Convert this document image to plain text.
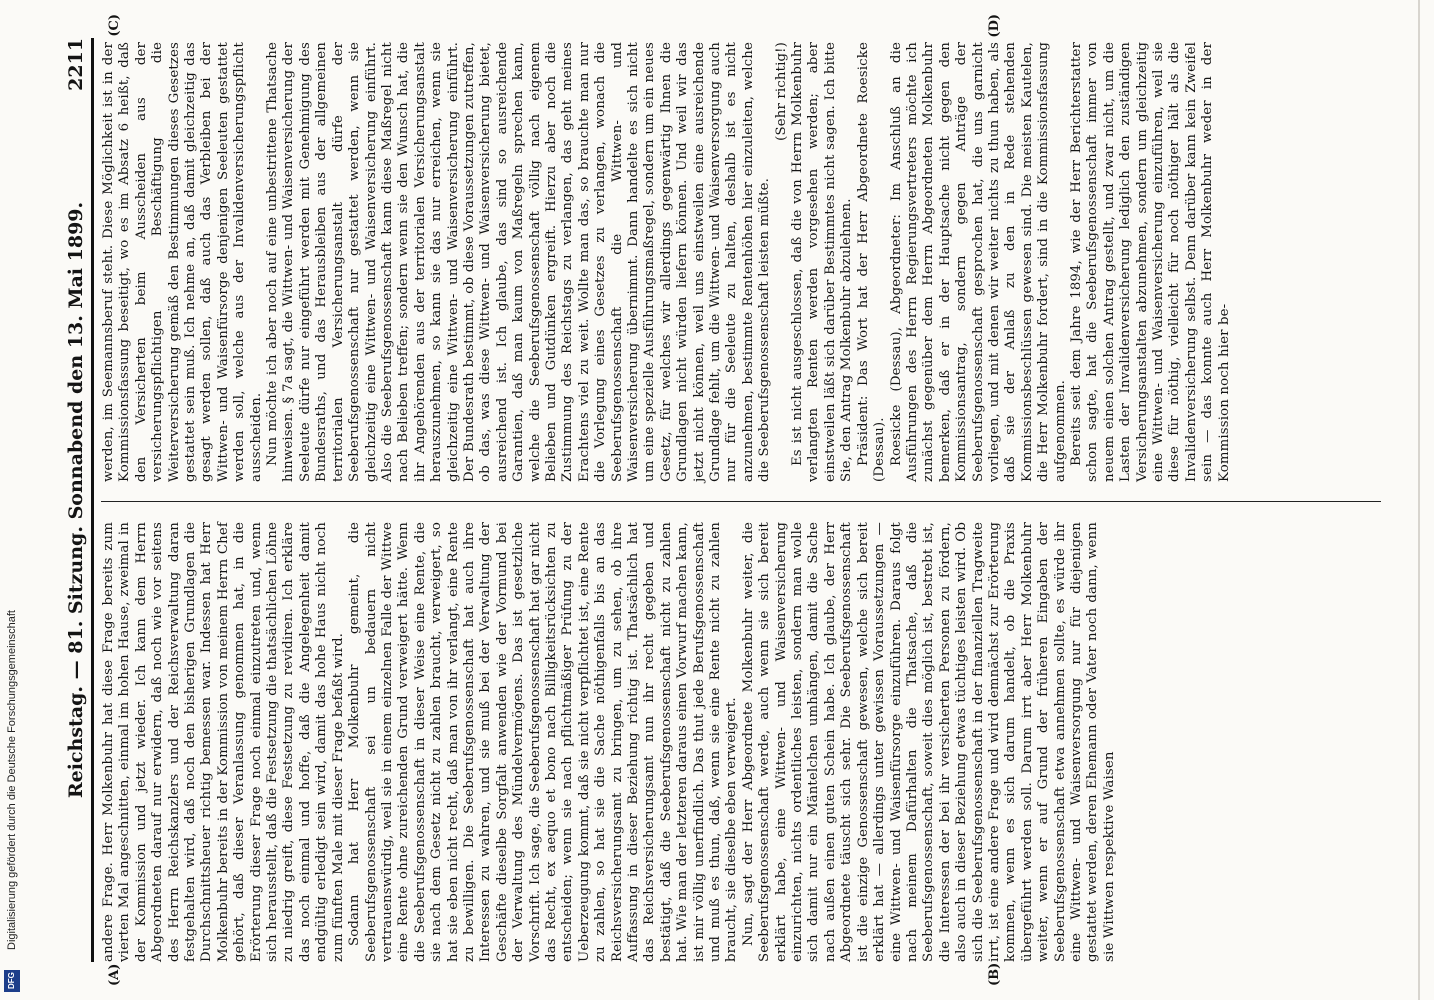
Reichstag. — 81. Sitzung. Sonnabend den 13. Mai 1899.
2211
(A)	(B)
(C)	(D)

andere Frage. Herr Molkenbuhr hat diese Frage bereits zum vierten Mal angeschnitten, einmal im hohen Hause, zweimal in der Kommission und jetzt wieder. Ich kann dem Herrn Abgeordneten darauf nur erwidern, daß noch wie vor seitens des Herrn Reichskanzlers und der Reichsverwaltung daran festgehalten wird, daß noch den bisherigen Grundlagen die Durchschnittsheuer richtig bemessen war. Indessen hat Herr Molkenbuhr bereits in der Kommission von meinem Herrn Chef gehört, daß dieser Veranlassung genommen hat, in die Erörterung dieser Frage noch einmal einzutreten und, wenn sich herausstellt, daß die Festsetzung die thatsächlichen Löhne zu niedrig greift, diese Festsetzung zu revidiren. Ich erkläre das noch einmal und hoffe, daß die Angelegenheit damit endgültig erledigt sein wird, damit das hohe Haus nicht noch zum fünften Male mit dieser Frage befaßt wird. Sodann hat Herr Molkenbuhr gemeint, die Seeberufsgenossenschaft sei un bedauern nicht vertrauenswürdig, weil sie in einem einzelnen Falle der Wittwe eine Rente ohne zureichenden Grund verweigert hätte. Wenn die Seeberufsgenossenschaft in dieser Weise eine Rente, die sie nach dem Gesetz nicht zu zahlen braucht, verweigert, so hat sie eben nicht recht, daß man von ihr verlangt, eine Rente zu bewilligen. Die Seeberufsgenossenschaft hat auch ihre Interessen zu wahren, und sie muß bei der Verwaltung der Geschäfte dieselbe Sorgfalt anwenden wie der Vormund bei der Verwaltung des Mündelvermögens. Das ist gesetzliche Vorschrift. Ich sage, die Seeberufsgenossenschaft hat gar nicht das Recht, ex aequo et bono nach Billigkeitsrücksichten zu entscheiden; wenn sie nach pflichtmäßiger Prüfung zu der Ueberzeugung kommt, daß sie nicht verpflichtet ist, eine Rente zu zahlen, so hat sie die Sache nöthigenfalls bis an das Reichsversicherungsamt zu bringen, um zu sehen, ob ihre Auffassung in dieser Beziehung richtig ist. Thatsächlich hat das Reichsversicherungsamt nun ihr recht gegeben und bestätigt, daß die Seeberufsgenossenschaft nicht zu zahlen hat. Wie man der letzteren daraus einen Vorwurf machen kann, ist mir völlig unerfindlich. Das thut jede Berufsgenossenschaft und muß es thun, daß, wenn sie eine Rente nicht zu zahlen braucht, sie dieselbe eben verweigert. Nun, sagt der Herr Abgeordnete Molkenbuhr weiter, die Seeberufsgenossenschaft werde, auch wenn sie sich bereit erklärt habe, eine Wittwen- und Waisenversicherung einzurichten, nichts ordentliches leisten, sondern man wolle sich damit nur ein Mäntelchen umhängen, damit die Sache nach außen einen guten Schein habe. Ich glaube, der Herr Abgeordnete täuscht sich sehr. Die Seeberufsgenossenschaft ist die einzige Genossenschaft gewesen, welche sich bereit erklärt hat — allerdings unter gewissen Voraussetzungen — eine Wittwen- und Waisenfürsorge einzuführen. Daraus folgt nach meinem Dafürhalten die Thatsache, daß die Seeberufsgenossenschaft, soweit dies möglich ist, bestrebt ist, die Interessen der bei ihr versicherten Personen zu fördern, also auch in dieser Beziehung etwas tüchtiges leisten wird. Ob sich die Seeberufsgenossenschaft in der finanziellen Tragweite irrt, ist eine andere Frage und wird demnächst zur Erörterung kommen, wenn es sich darum handelt, ob die Praxis übergeführt werden soll. Darum irrt aber Herr Molkenbuhr weiter, wenn er auf Grund der früheren Eingaben der Seeberufsgenossenschaft etwa annehmen sollte, es würde ihr eine Wittwen- und Waisenversorgung nur für diejenigen gestattet werden, deren Ehemann oder Vater noch dann, wenn sie Wittwen respektive Waisen

werden, im Seemannsberuf steht. Diese Möglichkeit ist in der Kommissionsfassung beseitigt, wo es im Absatz 6 heißt, daß den Versicherten beim Ausscheiden aus der versicherungspflichtigen Beschäftigung die Weiterversicherung gemäß den Bestimmungen dieses Gesetzes gestattet sein muß. Ich nehme an, daß damit gleichzeitig das gesagt werden sollen, daß auch das Verbleiben bei der Wittwen- und Waisenfürsorge denjenigen Seeleuten gestattet werden soll, welche aus der Invalidenversicherungspflicht ausscheiden. Nun möchte ich aber noch auf eine unbestrittene Thatsache hinweisen. § 7a sagt, die Wittwen- und Waisenversicherung der Seeleute dürfe nur eingeführt werden mit Genehmigung des Bundesraths, und das Herausbleiben aus der allgemeinen territorialen Versicherungsanstalt dürfe der Seeberufsgenossenschaft nur gestattet werden, wenn sie gleichzeitig eine Wittwen- und Waisenversicherung einführt. Also die Seeberufsgenossenschaft kann diese Maßregel nicht nach Belieben treffen; sondern wenn sie den Wunsch hat, die ihr Angehörenden aus der territorialen Versicherungsanstalt herauszunehmen, so kann sie das nur erreichen, wenn sie gleichzeitig eine Wittwen- und Waisenversicherung einführt. Der Bundesrath bestimmt, ob diese Voraussetzungen zutreffen, ob das, was diese Wittwen- und Waisenversicherung bietet, ausreichend ist. Ich glaube, das sind so ausreichende Garantien, daß man kaum von Maßregeln sprechen kann, welche die Seeberufsgenossenschaft völlig nach eigenem Belieben und Gutdünken ergreift. Hierzu aber noch die Zustimmung des Reichstags zu verlangen, das geht meines Erachtens viel zu weit. Wollte man das, so brauchte man nur die Vorlegung eines Gesetzes zu verlangen, wonach die Seeberufsgenossenschaft die Wittwen- und Waisenversicherung übernimmt. Dann handelte es sich nicht um eine spezielle Ausführungsmaßregel, sondern um ein neues Gesetz, für welches wir allerdings gegenwärtig Ihnen die Grundlagen nicht würden liefern können. Und weil wir das jetzt nicht können, weil uns einstweilen eine ausreichende Grundlage fehlt, um die Wittwen- und Waisenversorgung auch nur für die Seeleute zu halten, deshalb ist es nicht anzunehmen, bestimmte Rentenhöhen hier einzuleiten, welche die Seeberufsgenossenschaft leisten müßte.

(Sehr richtig!) Es ist nicht ausgeschlossen, daß die von Herrn Molkenbuhr verlangten Renten werden vorgesehen werden; aber einstweilen läßt sich darüber Bestimmtes nicht sagen. Ich bitte Sie, den Antrag Molkenbuhr abzulehnen. Präsident: Das Wort hat der Herr Abgeordnete Roesicke (Dessau). Roesicke (Dessau), Abgeordneter: Im Anschluß an die Ausführungen des Herrn Regierungsvertreters möchte ich zunächst gegenüber dem Herrn Abgeordneten Molkenbuhr bemerken, daß er in der Hauptsache nicht gegen den Kommissionsantrag, sondern gegen Anträge der Seeberufsgenossenschaft gesprochen hat, die uns garnicht vorliegen, und mit denen wir weiter nichts zu thun haben, als daß sie der Anlaß zu den in Rede stehenden Kommissionsbeschlüssen gewesen sind. Die meisten Kautelen, die Herr Molkenbuhr fordert, sind in die Kommissionsfassung aufgenommen. Bereits seit dem Jahre 1894, wie der Herr Berichterstatter schon sagte, hat die Seeberufsgenossenschaft immer von neuem einen solchen Antrag gestellt, und zwar nicht, um die Lasten der Invalidenversicherung lediglich den zuständigen Versicherungsanstalten abzunehmen, sondern um gleichzeitig eine Wittwen- und Waisenversicherung einzuführen, weil sie diese für nöthig, vielleicht für noch nöthiger hält als die Invalidenversicherung selbst. Denn darüber kann kein Zweifel sein — das konnte auch Herr Molkenbuhr weder in der Kommission noch hier be-

Digitalisierung gefördert durch die Deutsche Forschungsgemeinschaft
DFG
